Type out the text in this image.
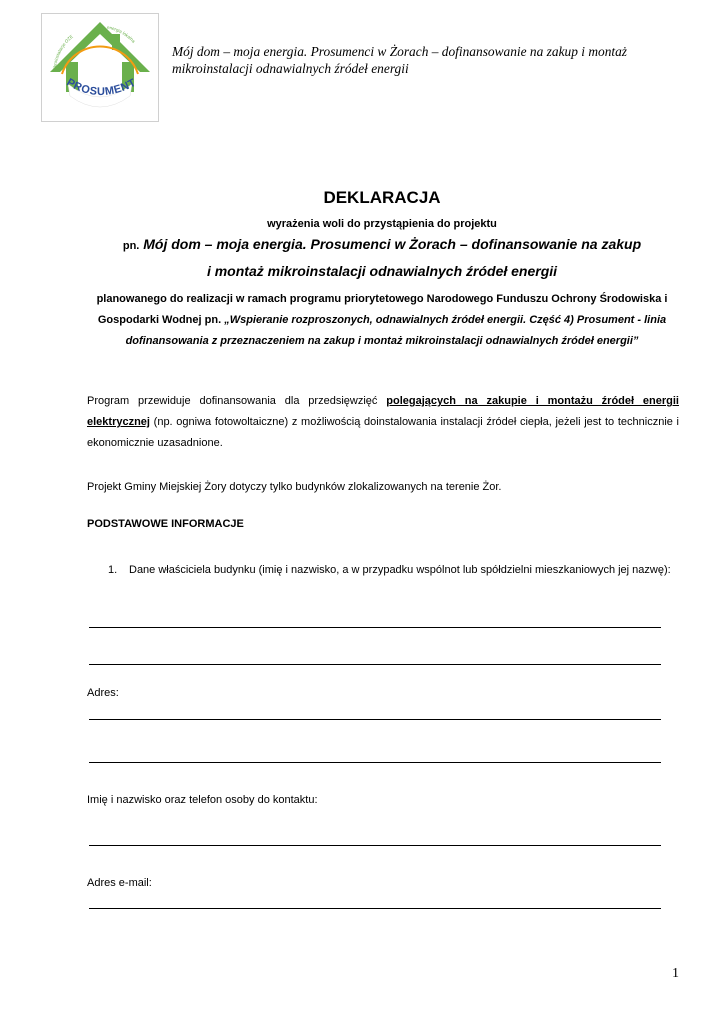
Mikroinstalacje OZE
energia lokalna
PROSUMENT
Mój dom – moja energia. Prosumenci w Żorach – dofinansowanie na zakup i montaż mikroinstalacji odnawialnych źródeł energii
DEKLARACJA
wyrażenia woli do przystąpienia do projektu
pn. Mój dom – moja energia. Prosumenci w Żorach – dofinansowanie na zakup
i montaż mikroinstalacji odnawialnych źródeł energii
planowanego do realizacji w ramach programu priorytetowego Narodowego Funduszu Ochrony Środowiska i Gospodarki Wodnej pn. „Wspieranie rozproszonych, odnawialnych źródeł energii. Część 4) Prosument - linia dofinansowania z przeznaczeniem na zakup i montaż mikroinstalacji odnawialnych źródeł energii”
Program przewiduje dofinansowania dla przedsięwzięć polegających na zakupie i montażu źródeł energii elektrycznej (np. ogniwa fotowoltaiczne) z możliwością doinstalowania instalacji źródeł ciepła, jeżeli jest to technicznie i ekonomicznie uzasadnione.
Projekt Gminy Miejskiej Żory dotyczy tylko budynków zlokalizowanych na terenie Żor.
PODSTAWOWE INFORMACJE
1.	Dane właściciela budynku (imię i nazwisko, a w przypadku wspólnot lub spółdzielni mieszkaniowych jej nazwę):
Adres:
Imię i nazwisko oraz telefon osoby do kontaktu:
Adres e-mail:
1
